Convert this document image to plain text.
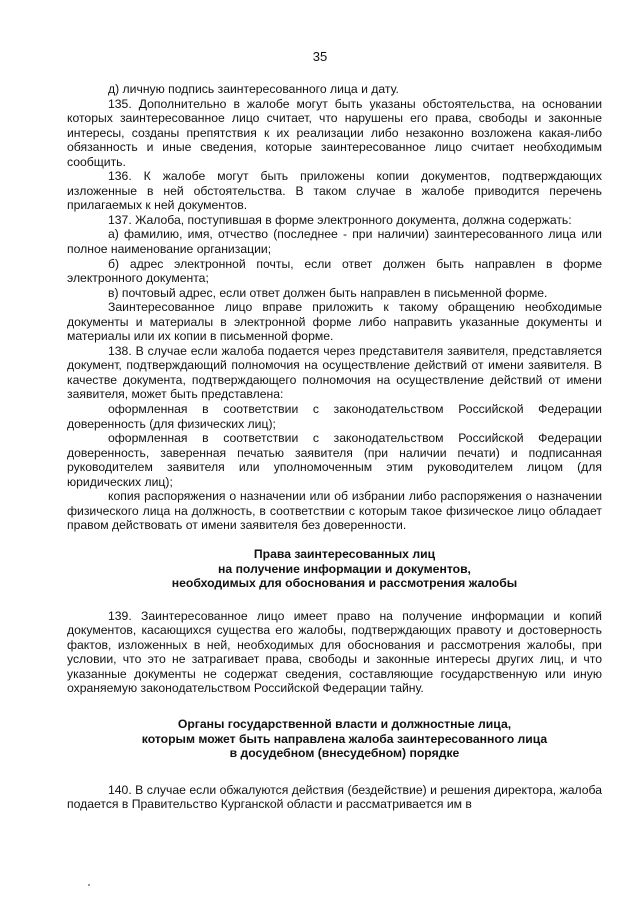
35

д) личную подпись заинтересованного лица и дату.

135. Дополнительно в жалобе могут быть указаны обстоятельства, на основании которых заинтересованное лицо считает, что нарушены его права, свободы и законные интересы, созданы препятствия к их реализации либо незаконно возложена какая-либо обязанность и иные сведения, которые заинтересованное лицо считает необходимым сообщить.

136. К жалобе могут быть приложены копии документов, подтверждающих изложенные в ней обстоятельства. В таком случае в жалобе приводится перечень прилагаемых к ней документов.

137. Жалоба, поступившая в форме электронного документа, должна содержать:

а) фамилию, имя, отчество (последнее - при наличии) заинтересованного лица или полное наименование организации;

б) адрес электронной почты, если ответ должен быть направлен в форме электронного документа;

в) почтовый адрес, если ответ должен быть направлен в письменной форме.

Заинтересованное лицо вправе приложить к такому обращению необходимые документы и материалы в электронной форме либо направить указанные документы и материалы или их копии в письменной форме.

138. В случае если жалоба подается через представителя заявителя, представляется документ, подтверждающий полномочия на осуществление действий от имени заявителя. В качестве документа, подтверждающего полномочия на осуществление действий от имени заявителя, может быть представлена:

оформленная в соответствии с законодательством Российской Федерации доверенность (для физических лиц);

оформленная в соответствии с законодательством Российской Федерации доверенность, заверенная печатью заявителя (при наличии печати) и подписанная руководителем заявителя или уполномоченным этим руководителем лицом (для юридических лиц);

копия распоряжения о назначении или об избрании либо распоряжения о назначении физического лица на должность, в соответствии с которым такое физическое лицо обладает правом действовать от имени заявителя без доверенности.

Права заинтересованных лиц
на получение информации и документов,
необходимых для обоснования и рассмотрения жалобы

139. Заинтересованное лицо имеет право на получение информации и копий документов, касающихся существа его жалобы, подтверждающих правоту и достоверность фактов, изложенных в ней, необходимых для обоснования и рассмотрения жалобы, при условии, что это не затрагивает права, свободы и законные интересы других лиц, и что указанные документы не содержат сведения, составляющие государственную или иную охраняемую законодательством Российской Федерации тайну.

Органы государственной власти и должностные лица,
которым может быть направлена жалоба заинтересованного лица
в досудебном (внесудебном) порядке

140. В случае если обжалуются действия (бездействие) и решения директора, жалоба подается в Правительство Курганской области и рассматривается им в
